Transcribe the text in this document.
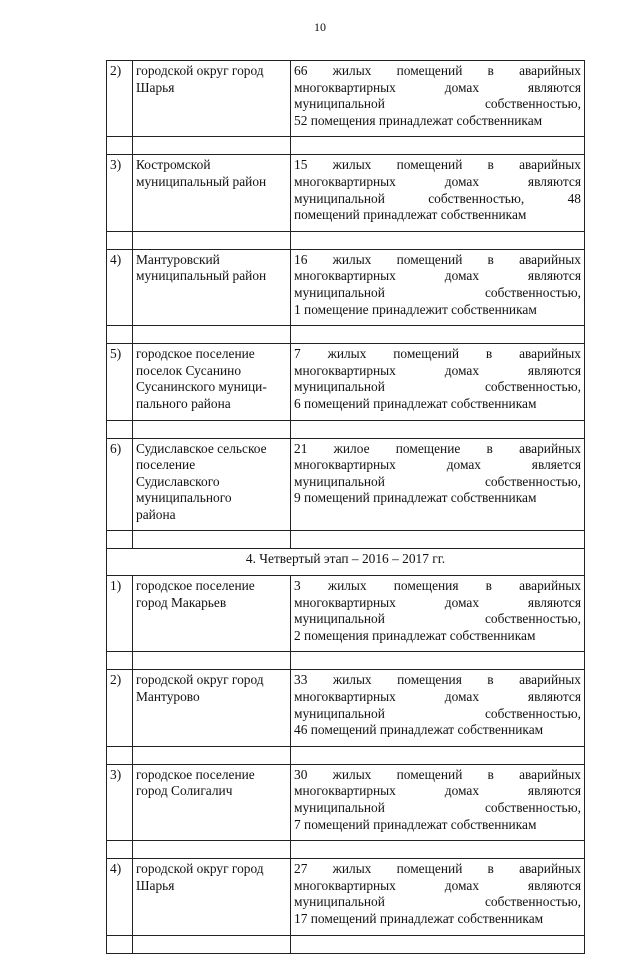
10
2)	городской округ город
Шарья	66 жилых помещений в аварийных
многоквартирных домах являются
муниципальной собственностью,
52 помещения принадлежат собственникам

3)	Костромской
муниципальный район	15 жилых помещений в аварийных
многоквартирных домах являются
муниципальной собственностью, 48
помещений принадлежат собственникам

4)	Мантуровский
муниципальный район	16 жилых помещений в аварийных
многоквартирных домах являются
муниципальной собственностью,
1 помещение принадлежит собственникам

5)	городское поселение
поселок Сусанино
Сусанинского муници-
пального района	7 жилых помещений в аварийных
многоквартирных домах являются
муниципальной собственностью,
6 помещений принадлежат собственникам

6)	Судиславское сельское
поселение
Судиславского
муниципального
района	21 жилое помещение в аварийных
многоквартирных домах является
муниципальной собственностью,
9 помещений принадлежат собственникам

4. Четвертый этап – 2016 – 2017 гг.		
1)	городское поселение
город Макарьев	3 жилых помещения в аварийных
многоквартирных домах являются
муниципальной собственностью,
2 помещения принадлежат собственникам

2)	городской округ город
Мантурово	33 жилых помещения в аварийных
многоквартирных домах являются
муниципальной собственностью,
46 помещений принадлежат собственникам

3)	городское поселение
город Солигалич	30 жилых помещений в аварийных
многоквартирных домах являются
муниципальной собственностью,
7 помещений принадлежат собственникам

4)	городской округ город
Шарья	27 жилых помещений в аварийных
многоквартирных домах являются
муниципальной собственностью,
17 помещений принадлежат собственникам
